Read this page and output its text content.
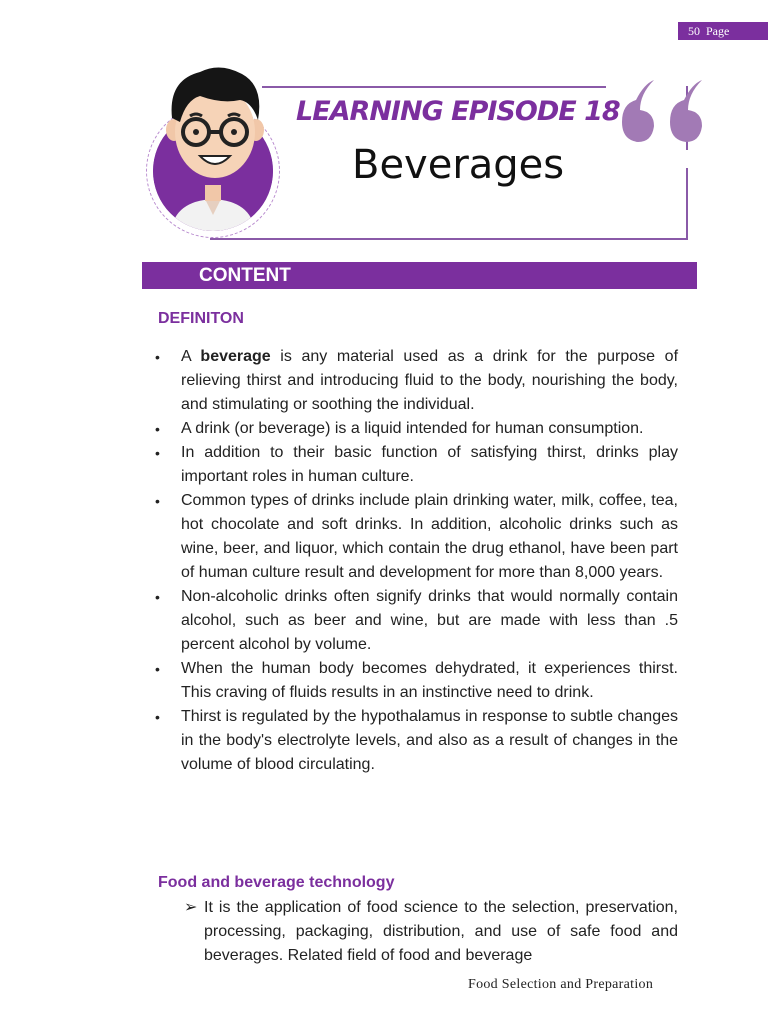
50 Page
LEARNING EPISODE 18
Beverages
CONTENT
DEFINITON
• A beverage is any material used as a drink for the purpose of relieving thirst and introducing fluid to the body, nourishing the body, and stimulating or soothing the individual.
• A drink (or beverage) is a liquid intended for human consumption.
• In addition to their basic function of satisfying thirst, drinks play important roles in human culture.
• Common types of drinks include plain drinking water, milk, coffee, tea, hot chocolate and soft drinks. In addition, alcoholic drinks such as wine, beer, and liquor, which contain the drug ethanol, have been part of human culture result and development for more than 8,000 years.
• Non-alcoholic drinks often signify drinks that would normally contain alcohol, such as beer and wine, but are made with less than .5 percent alcohol by volume.
• When the human body becomes dehydrated, it experiences thirst. This craving of fluids results in an instinctive need to drink.
• Thirst is regulated by the hypothalamus in response to subtle changes in the body's electrolyte levels, and also as a result of changes in the volume of blood circulating.
Food and beverage technology
➢ It is the application of food science to the selection, preservation, processing, packaging, distribution, and use of safe food and beverages. Related field of food and beverage
Food Selection and Preparation
